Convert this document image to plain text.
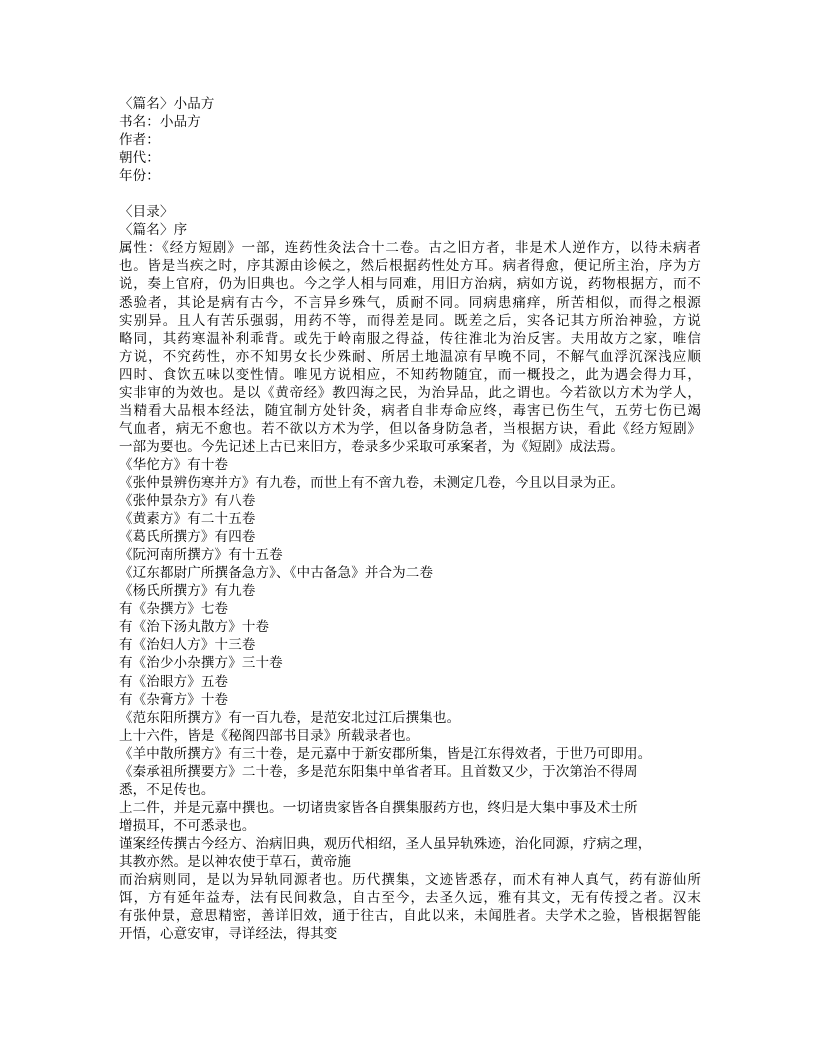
〈篇名〉小品方
书名：小品方
作者：
朝代：
年份：
〈目录〉
〈篇名〉序
属性：《经方短剧》一部，连药性灸法合十二卷。古之旧方者，非是术人逆作方，以待未病者
也。皆是当疾之时，序其源由诊候之，然后根据药性处方耳。病者得愈，便记所主治，序为方
说，奏上官府，仍为旧典也。今之学人相与同难，用旧方治病，病如方说，药物根据方，而不
悉验者，其论是病有古今，不言异乡殊气，质耐不同。同病患痛痒，所苦相似，而得之根源
实别异。且人有苦乐强弱，用药不等，而得差是同。既差之后，实各记其方所治神验，方说
略同，其药寒温补利乖背。或先于岭南服之得益，传往淮北为治反害。夫用故方之家，唯信
方说，不究药性，亦不知男女长少殊耐、所居土地温凉有早晚不同，不解气血浮沉深浅应顺
四时、食饮五味以变性情。唯见方说相应，不知药物随宜，而一概投之，此为遇会得力耳，
实非审的为效也。是以《黄帝经》教四海之民，为治异品，此之谓也。今若欲以方术为学人，
当精看大品根本经法，随宜制方处针灸，病者自非寿命应终，毒害已伤生气，五劳七伤已竭
气血者，病无不愈也。若不欲以方术为学，但以备身防急者，当根据方诀，看此《经方短剧》
一部为要也。今先记述上古已来旧方，卷录多少采取可承案者，为《短剧》成法焉。
《华佗方》有十卷
《张仲景辨伤寒并方》有九卷，而世上有不啻九卷，未测定几卷，今且以目录为正。
《张仲景杂方》有八卷
《黄素方》有二十五卷
《葛氏所撰方》有四卷
《阮河南所撰方》有十五卷
《辽东都尉广所撰备急方》、《中古备急》并合为二卷
《杨氏所撰方》有九卷
有《杂撰方》七卷
有《治下汤丸散方》十卷
有《治妇人方》十三卷
有《治少小杂撰方》三十卷
有《治眼方》五卷
有《杂膏方》十卷
《范东阳所撰方》有一百九卷，是范安北过江后撰集也。
上十六件，皆是《秘阁四部书目录》所载录者也。
《羊中散所撰方》有三十卷，是元嘉中于新安郡所集，皆是江东得效者，于世乃可即用。
《秦承祖所撰要方》二十卷，多是范东阳集中单省者耳。且首数又少，于次第治不得周
悉，不足传也。
上二件，并是元嘉中撰也。一切诸贵家皆各自撰集服药方也，终归是大集中事及术士所
增损耳，不可悉录也。
谨案经传撰古今经方、治病旧典，观历代相绍，圣人虽异轨殊迹，治化同源，疗病之理，
其教亦然。是以神农使于草石，黄帝施
而治病则同，是以为异轨同源者也。历代撰集，文迹皆悉存，而术有神人真气，药有游仙所
饵，方有延年益寿，法有民间救急，自古至今，去圣久远，雅有其文，无有传授之者。汉末
有张仲景，意思精密，善详旧效，通于往古，自此以来，未闻胜者。夫学术之验，皆根据智能
开悟，心意安审，寻详经法，得其变
